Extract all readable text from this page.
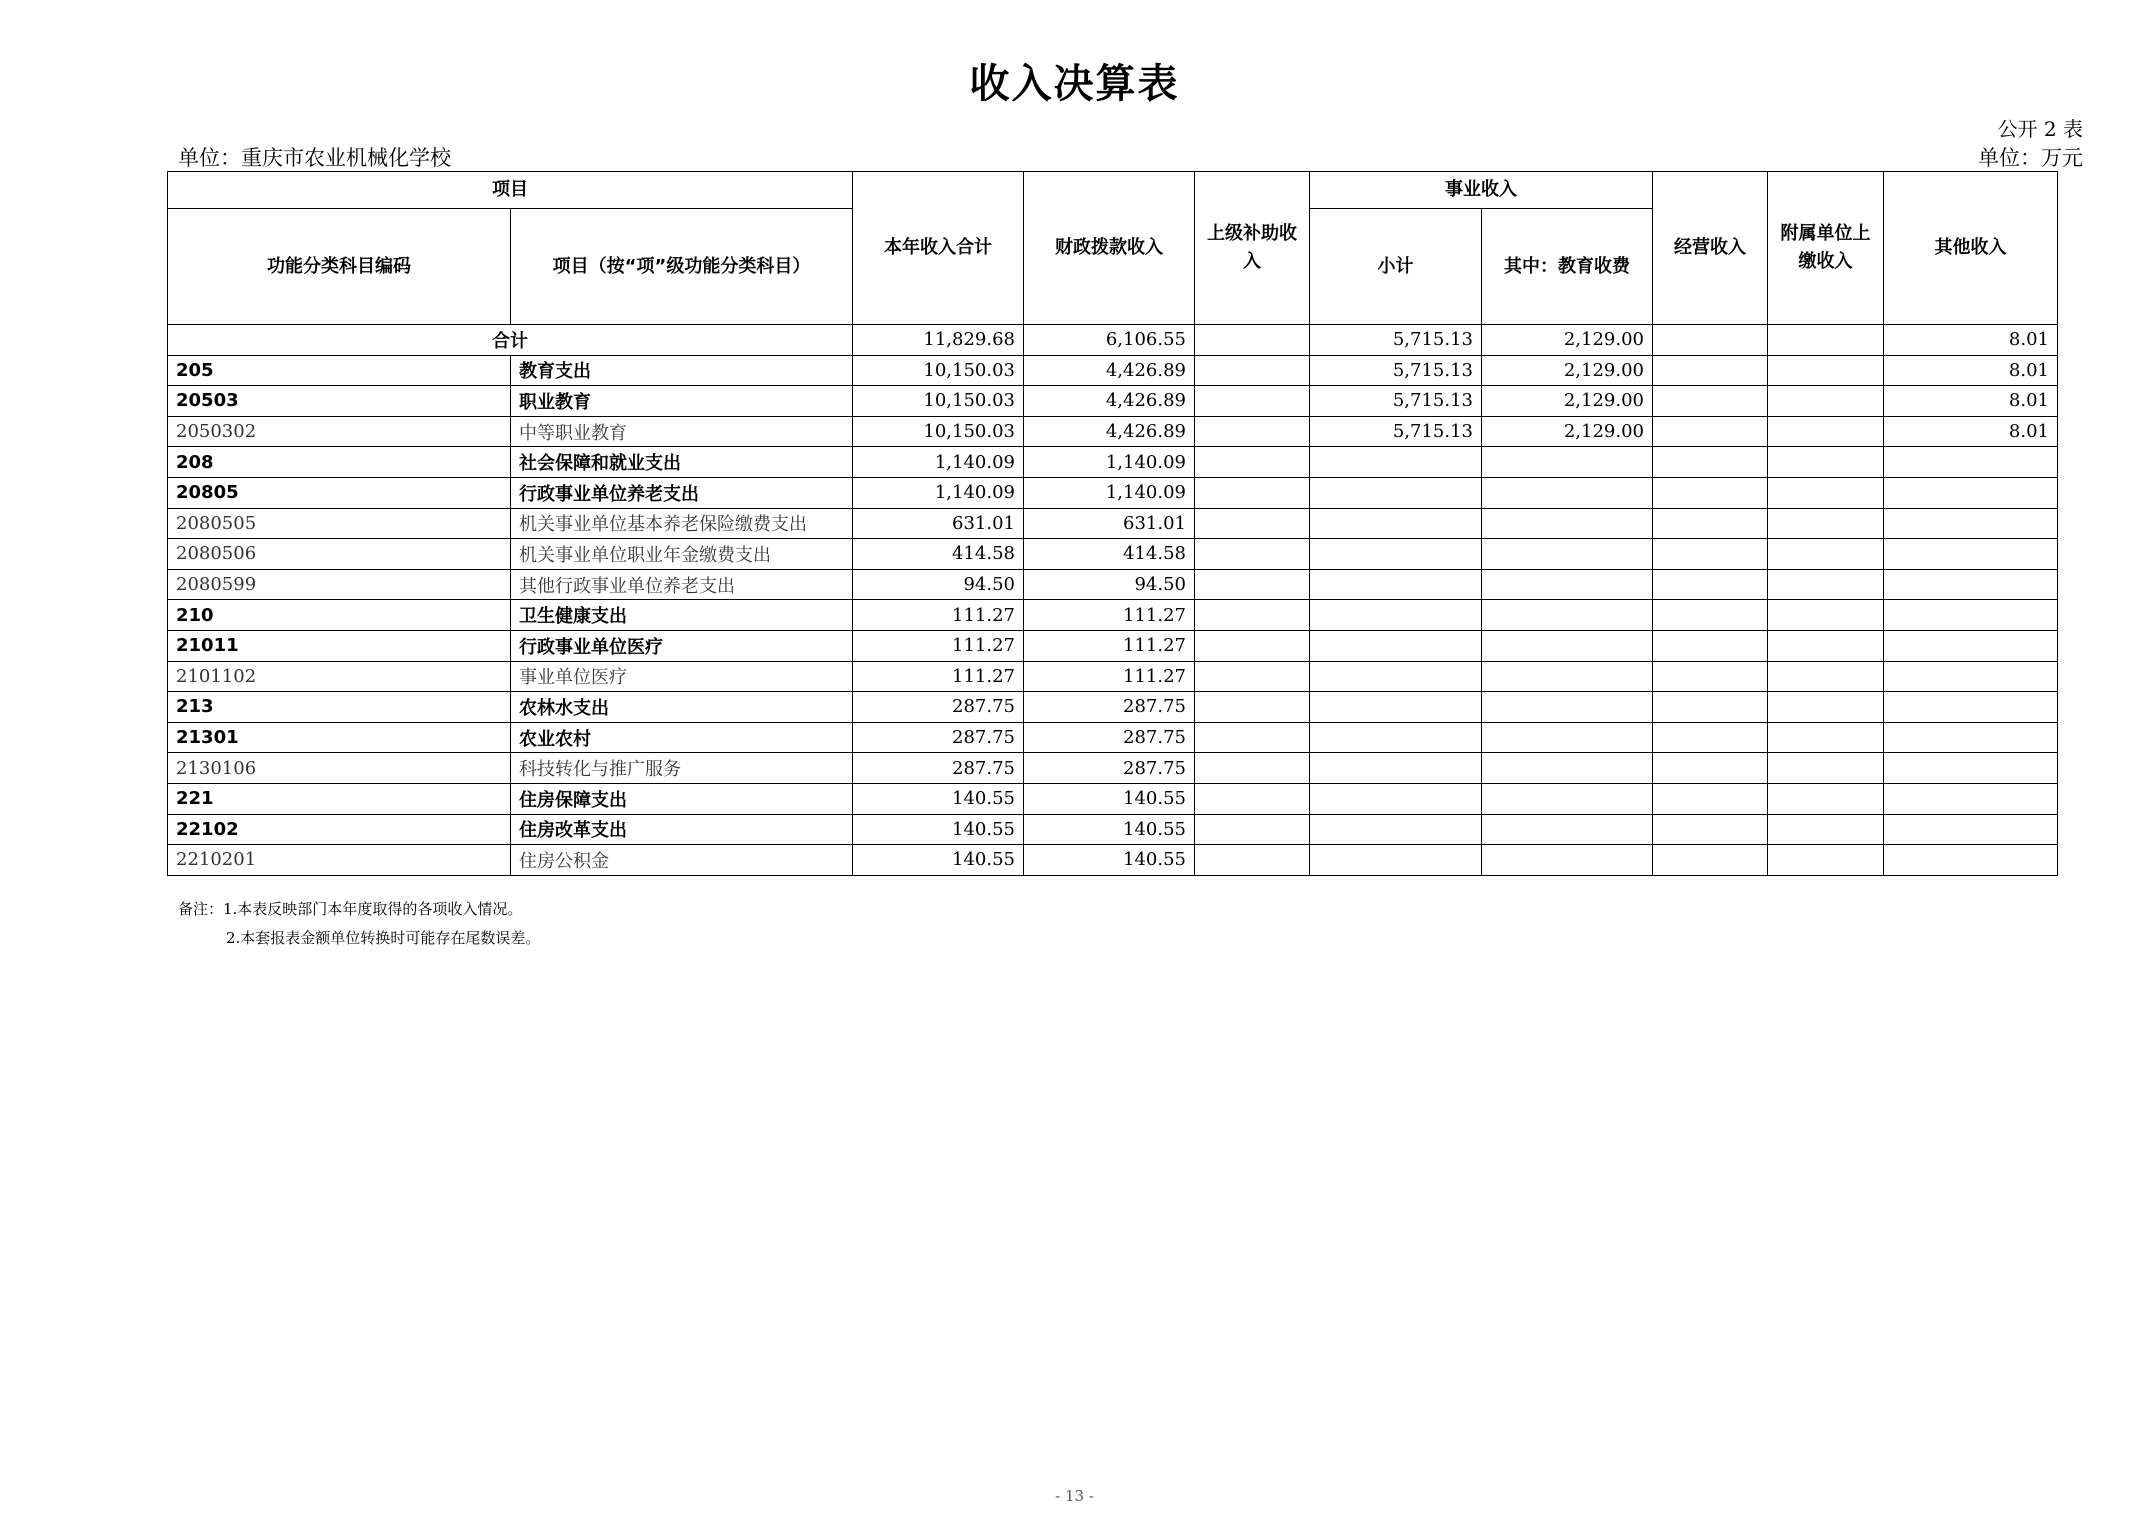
收入决算表
公开 2 表
单位：重庆市农业机械化学校	单位：万元
项目		本年收入合计	财政拨款收入	上级补助收入	事业收入		经营收入	附属单位上缴收入	其他收入
功能分类科目编码	项目（按“项”级功能分类科目）				小计	其中：教育收费			
合计		11,829.68	6,106.55		5,715.13	2,129.00			8.01
205	教育支出	10,150.03	4,426.89		5,715.13	2,129.00			8.01
20503	职业教育	10,150.03	4,426.89		5,715.13	2,129.00			8.01
2050302	中等职业教育	10,150.03	4,426.89		5,715.13	2,129.00			8.01
208	社会保障和就业支出	1,140.09	1,140.09						
20805	行政事业单位养老支出	1,140.09	1,140.09						
2080505	机关事业单位基本养老保险缴费支出	631.01	631.01						
2080506	机关事业单位职业年金缴费支出	414.58	414.58						
2080599	其他行政事业单位养老支出	94.50	94.50						
210	卫生健康支出	111.27	111.27						
21011	行政事业单位医疗	111.27	111.27						
2101102	事业单位医疗	111.27	111.27						
213	农林水支出	287.75	287.75						
21301	农业农村	287.75	287.75						
2130106	科技转化与推广服务	287.75	287.75						
221	住房保障支出	140.55	140.55						
22102	住房改革支出	140.55	140.55						
2210201	住房公积金	140.55	140.55						
备注：1.本表反映部门本年度取得的各项收入情况。
2.本套报表金额单位转换时可能存在尾数误差。
- 13 -
